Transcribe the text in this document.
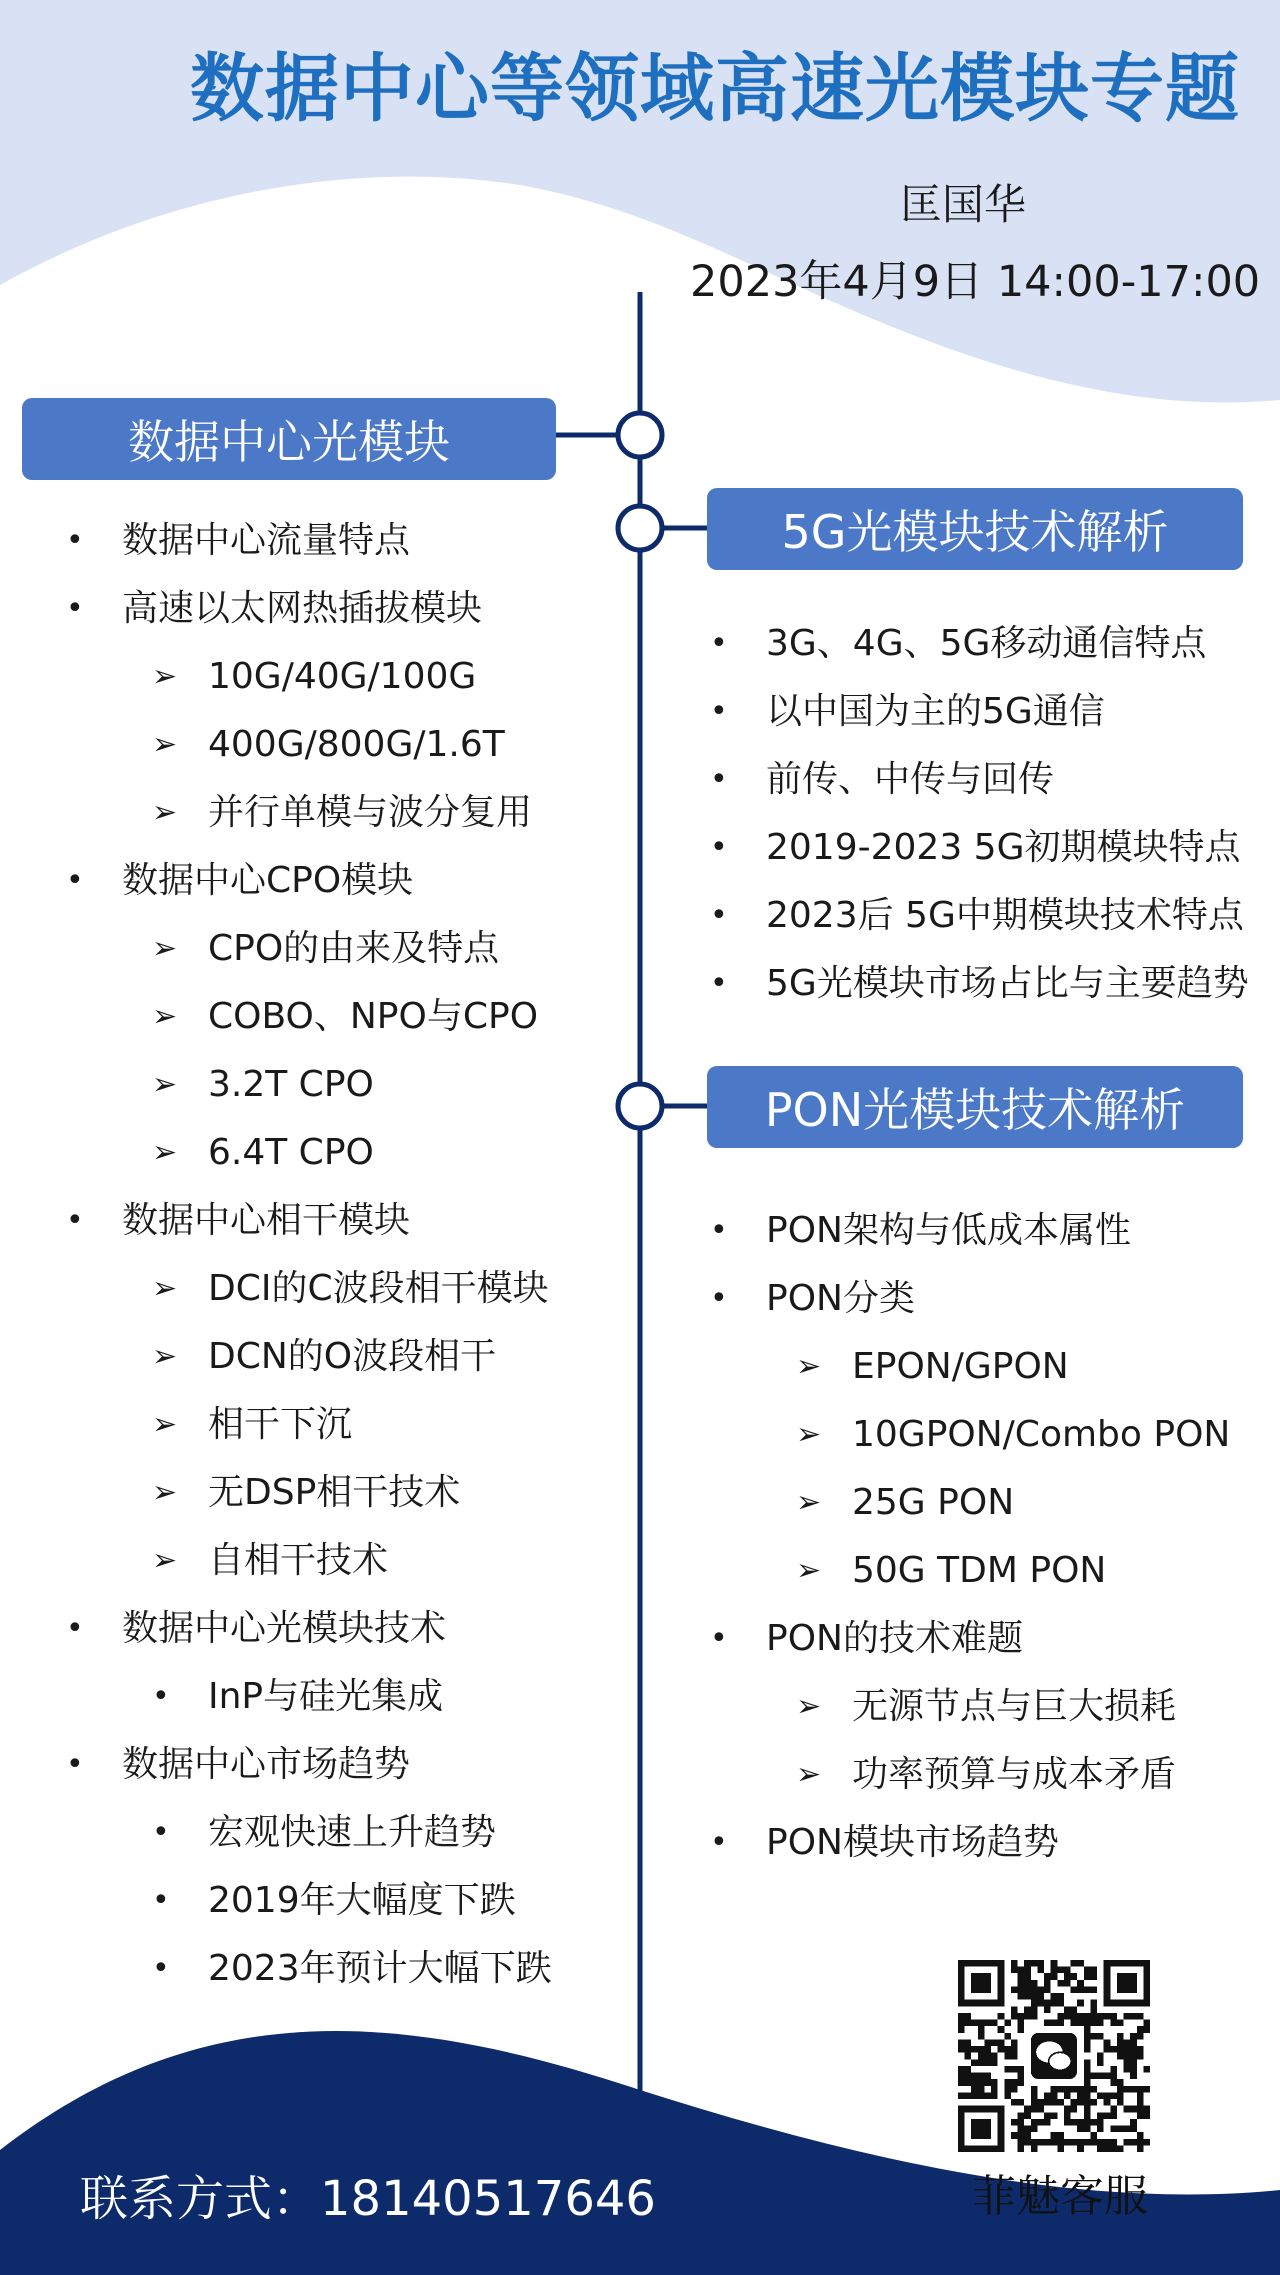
数据中心等领域高速光模块专题
匡国华
2023年4月9日 14:00-17:00
数据中心光模块
• 数据中心流量特点
• 高速以太网热插拔模块
➢ 10G/40G/100G
➢ 400G/800G/1.6T
➢ 并行单模与波分复用
• 数据中心CPO模块
➢ CPO的由来及特点
➢ COBO、NPO与CPO
➢ 3.2T CPO
➢ 6.4T CPO
• 数据中心相干模块
➢ DCI的C波段相干模块
➢ DCN的O波段相干
➢ 相干下沉
➢ 无DSP相干技术
➢ 自相干技术
• 数据中心光模块技术
• InP与硅光集成
• 数据中心市场趋势
• 宏观快速上升趋势
• 2019年大幅度下跌
• 2023年预计大幅下跌
5G光模块技术解析
• 3G、4G、5G移动通信特点
• 以中国为主的5G通信
• 前传、中传与回传
• 2019-2023 5G初期模块特点
• 2023后 5G中期模块技术特点
• 5G光模块市场占比与主要趋势
PON光模块技术解析
• PON架构与低成本属性
• PON分类
➢ EPON/GPON
➢ 10GPON/Combo PON
➢ 25G PON
➢ 50G TDM PON
• PON的技术难题
➢ 无源节点与巨大损耗
➢ 功率预算与成本矛盾
• PON模块市场趋势
菲魅客服
联系方式：18140517646
